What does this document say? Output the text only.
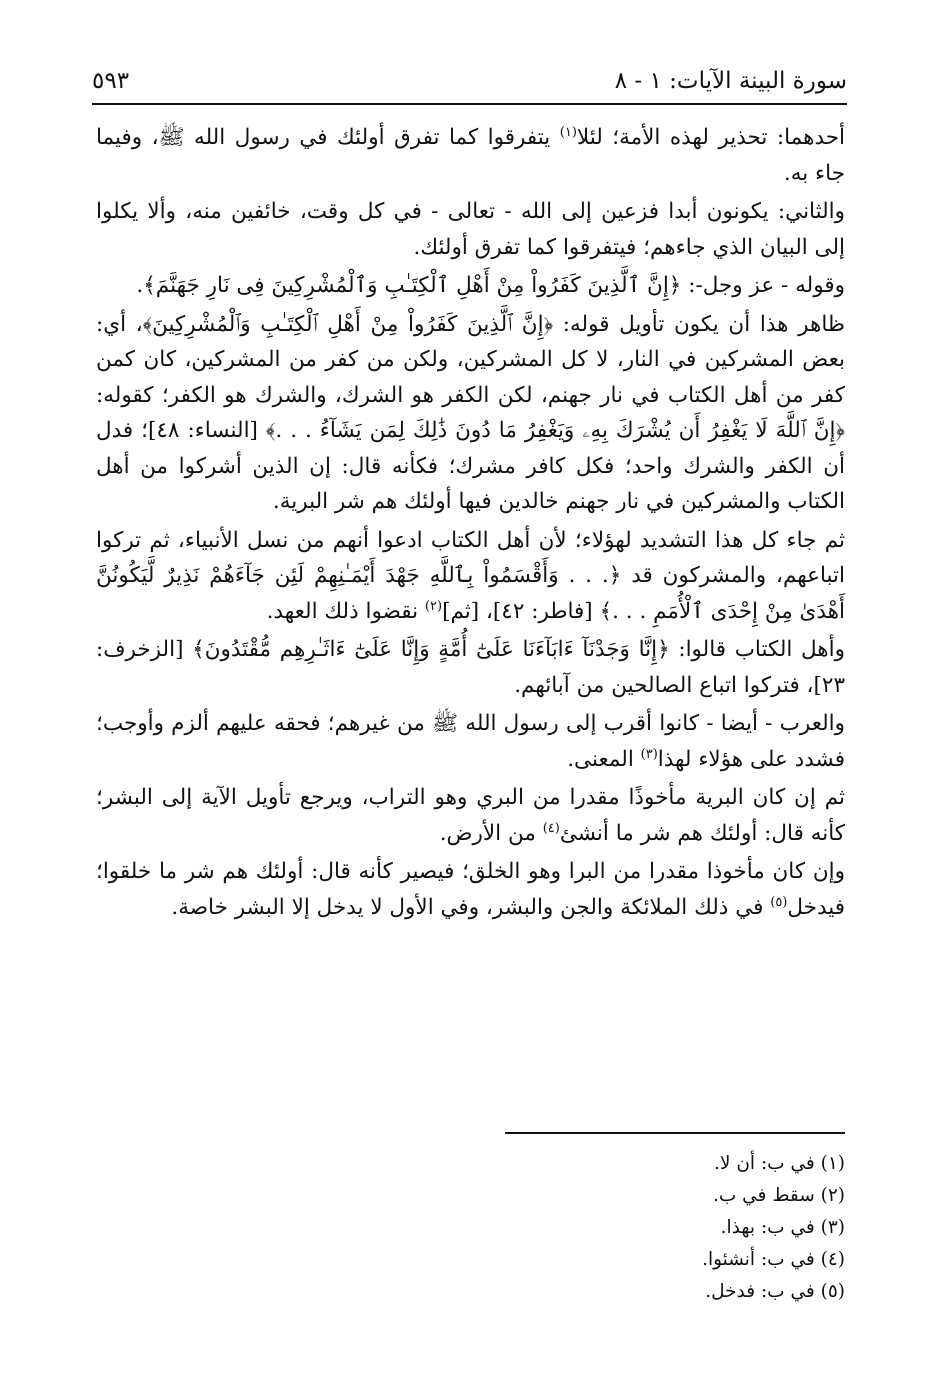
سورة البينة الآيات: ١ - ٨
٥٩٣

أحدهما: تحذير لهذه الأمة؛ لئلا$^{(١)}$ يتفرقوا كما تفرق أولئك في رسول الله ﷺ، وفيما جاء به.

والثاني: يكونون أبدا فزعين إلى الله - تعالى - في كل وقت، خائفين منه، وألا يكلوا إلى البيان الذي جاءهم؛ فيتفرقوا كما تفرق أولئك.

وقوله - عز وجل-: ﴿إِنَّ ٱلَّذِينَ كَفَرُواْ مِنْ أَهْلِ ٱلْكِتَـٰبِ وَٱلْمُشْرِكِينَ فِى نَارِ جَهَنَّمَ﴾.

ظاهر هذا أن يكون تأويل قوله: ﴿إِنَّ ٱلَّذِينَ كَفَرُواْ مِنْ أَهْلِ ٱلْكِتَـٰبِ وَٱلْمُشْرِكِينَ﴾، أي: بعض المشركين في النار، لا كل المشركين، ولكن من كفر من المشركين، كان كمن كفر من أهل الكتاب في نار جهنم، لكن الكفر هو الشرك، والشرك هو الكفر؛ كقوله: ﴿إِنَّ ٱللَّهَ لَا يَغْفِرُ أَن يُشْرَكَ بِهِۦ وَيَغْفِرُ مَا دُونَ ذَٰلِكَ لِمَن يَشَآءُ . . .﴾ [النساء: ٤٨]؛ فدل أن الكفر والشرك واحد؛ فكل كافر مشرك؛ فكأنه قال: إن الذين أشركوا من أهل الكتاب والمشركين في نار جهنم خالدين فيها أولئك هم شر البرية.

ثم جاء كل هذا التشديد لهؤلاء؛ لأن أهل الكتاب ادعوا أنهم من نسل الأنبياء، ثم تركوا اتباعهم، والمشركون قد ﴿. . . وَأَقْسَمُواْ بِٱللَّهِ جَهْدَ أَيْمَـٰنِهِمْ لَئِن جَآءَهُمْ نَذِيرٌ لَّيَكُونُنَّ أَهْدَىٰ مِنْ إِحْدَى ٱلْأُمَمِ . . .﴾ [فاطر: ٤٢]، [ثم]$^{(٢)}$ نقضوا ذلك العهد.

وأهل الكتاب قالوا: ﴿إِنَّا وَجَدْنَآ ءَابَآءَنَا عَلَىٰٓ أُمَّةٍ وَإِنَّا عَلَىٰٓ ءَاثَـٰرِهِم مُّقْتَدُونَ﴾ [الزخرف: ٢٣]، فتركوا اتباع الصالحين من آبائهم.

والعرب - أيضا - كانوا أقرب إلى رسول الله ﷺ من غيرهم؛ فحقه عليهم ألزم وأوجب؛ فشدد على هؤلاء لهذا$^{(٣)}$ المعنى.

ثم إن كان البرية مأخوذًا مقدرا من البري وهو التراب، ويرجع تأويل الآية إلى البشر؛ كأنه قال: أولئك هم شر ما أنشئ$^{(٤)}$ من الأرض.

وإن كان مأخوذا مقدرا من البرا وهو الخلق؛ فيصير كأنه قال: أولئك هم شر ما خلقوا؛ فيدخل$^{(٥)}$ في ذلك الملائكة والجن والبشر، وفي الأول لا يدخل إلا البشر خاصة.

(١) في ب: أن لا.
(٢) سقط في ب.
(٣) في ب: بهذا.
(٤) في ب: أنشئوا.
(٥) في ب: فدخل.
